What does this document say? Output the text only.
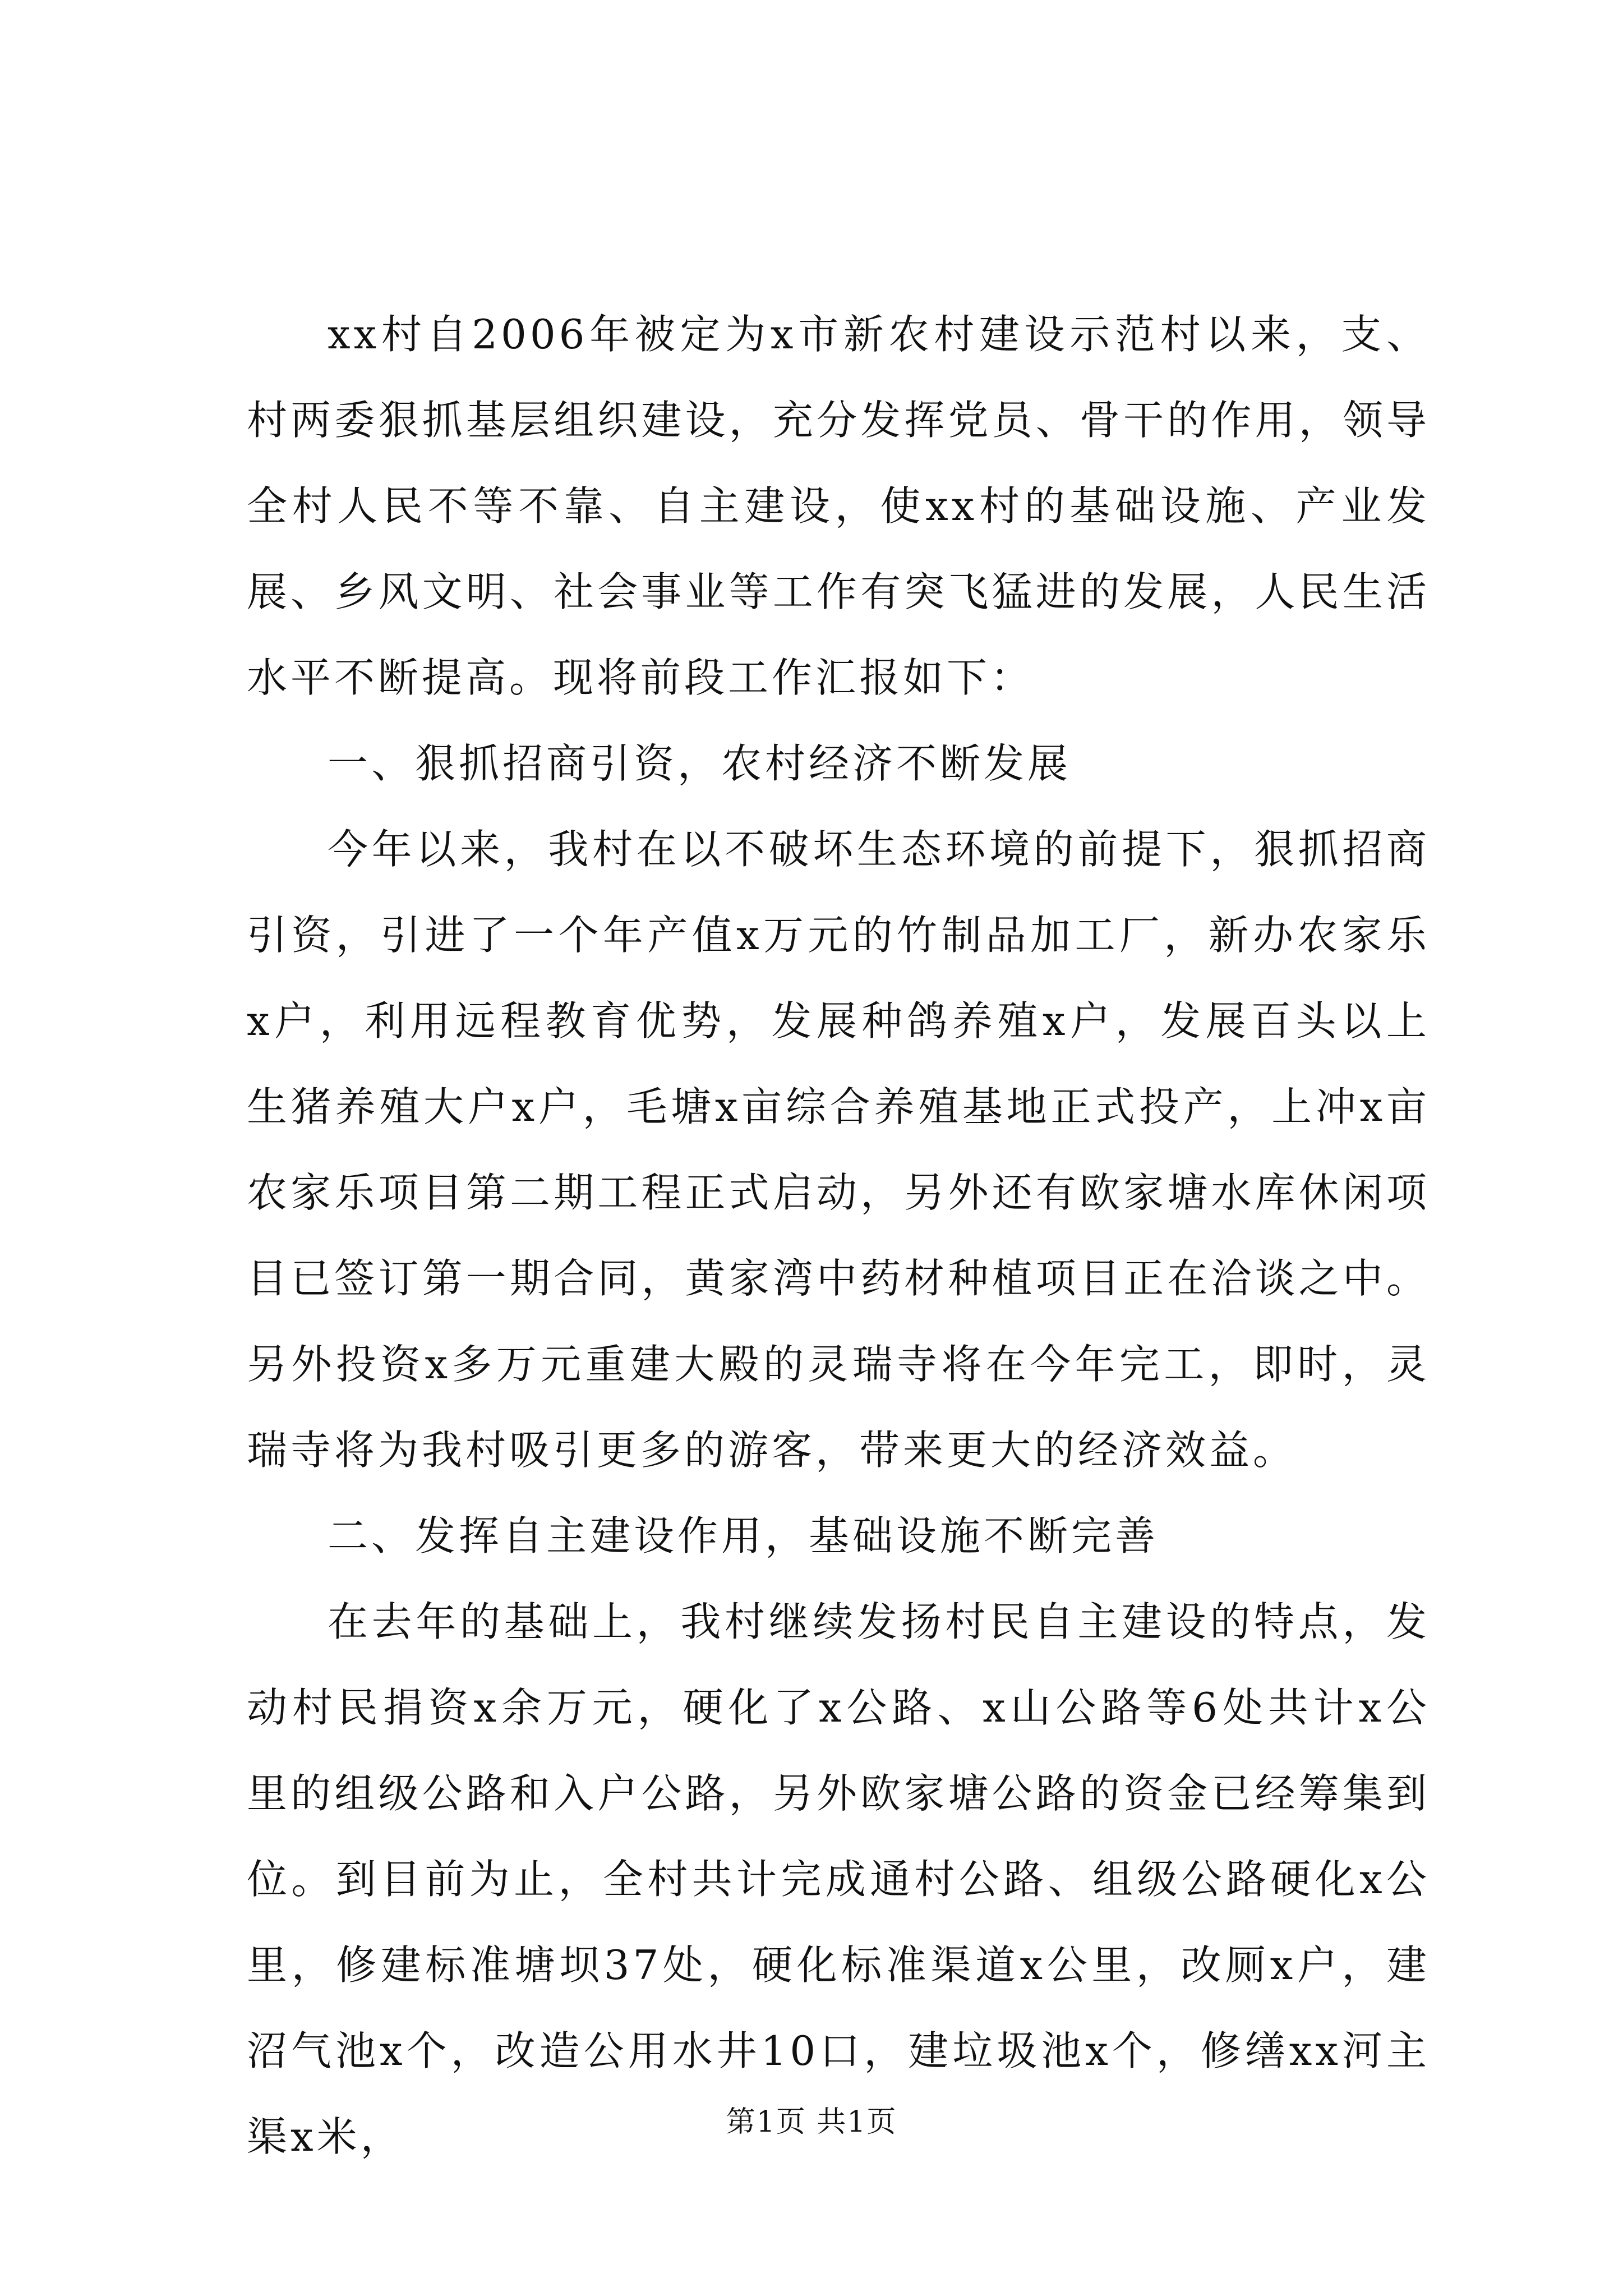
xx村自2006年被定为x市新农村建设示范村以来，支、村两委狠抓基层组织建设，充分发挥党员、骨干的作用，领导全村人民不等不靠、自主建设，使xx村的基础设施、产业发展、乡风文明、社会事业等工作有突飞猛进的发展，人民生活水平不断提高。现将前段工作汇报如下：

一、狠抓招商引资，农村经济不断发展

今年以来，我村在以不破坏生态环境的前提下，狠抓招商引资，引进了一个年产值x万元的竹制品加工厂，新办农家乐x户，利用远程教育优势，发展种鸽养殖x户，发展百头以上生猪养殖大户x户，毛塘x亩综合养殖基地正式投产，上冲x亩农家乐项目第二期工程正式启动，另外还有欧家塘水库休闲项目已签订第一期合同，黄家湾中药材种植项目正在洽谈之中。另外投资x多万元重建大殿的灵瑞寺将在今年完工，即时，灵瑞寺将为我村吸引更多的游客，带来更大的经济效益。

二、发挥自主建设作用，基础设施不断完善

在去年的基础上，我村继续发扬村民自主建设的特点，发动村民捐资x余万元，硬化了x公路、x山公路等6处共计x公里的组级公路和入户公路，另外欧家塘公路的资金已经筹集到位。到目前为止，全村共计完成通村公路、组级公路硬化x公里，修建标准塘坝37处，硬化标准渠道x公里，改厕x户，建沼气池x个，改造公用水井10口，建垃圾池x个，修缮xx河主渠x米，	第1页 共1页
